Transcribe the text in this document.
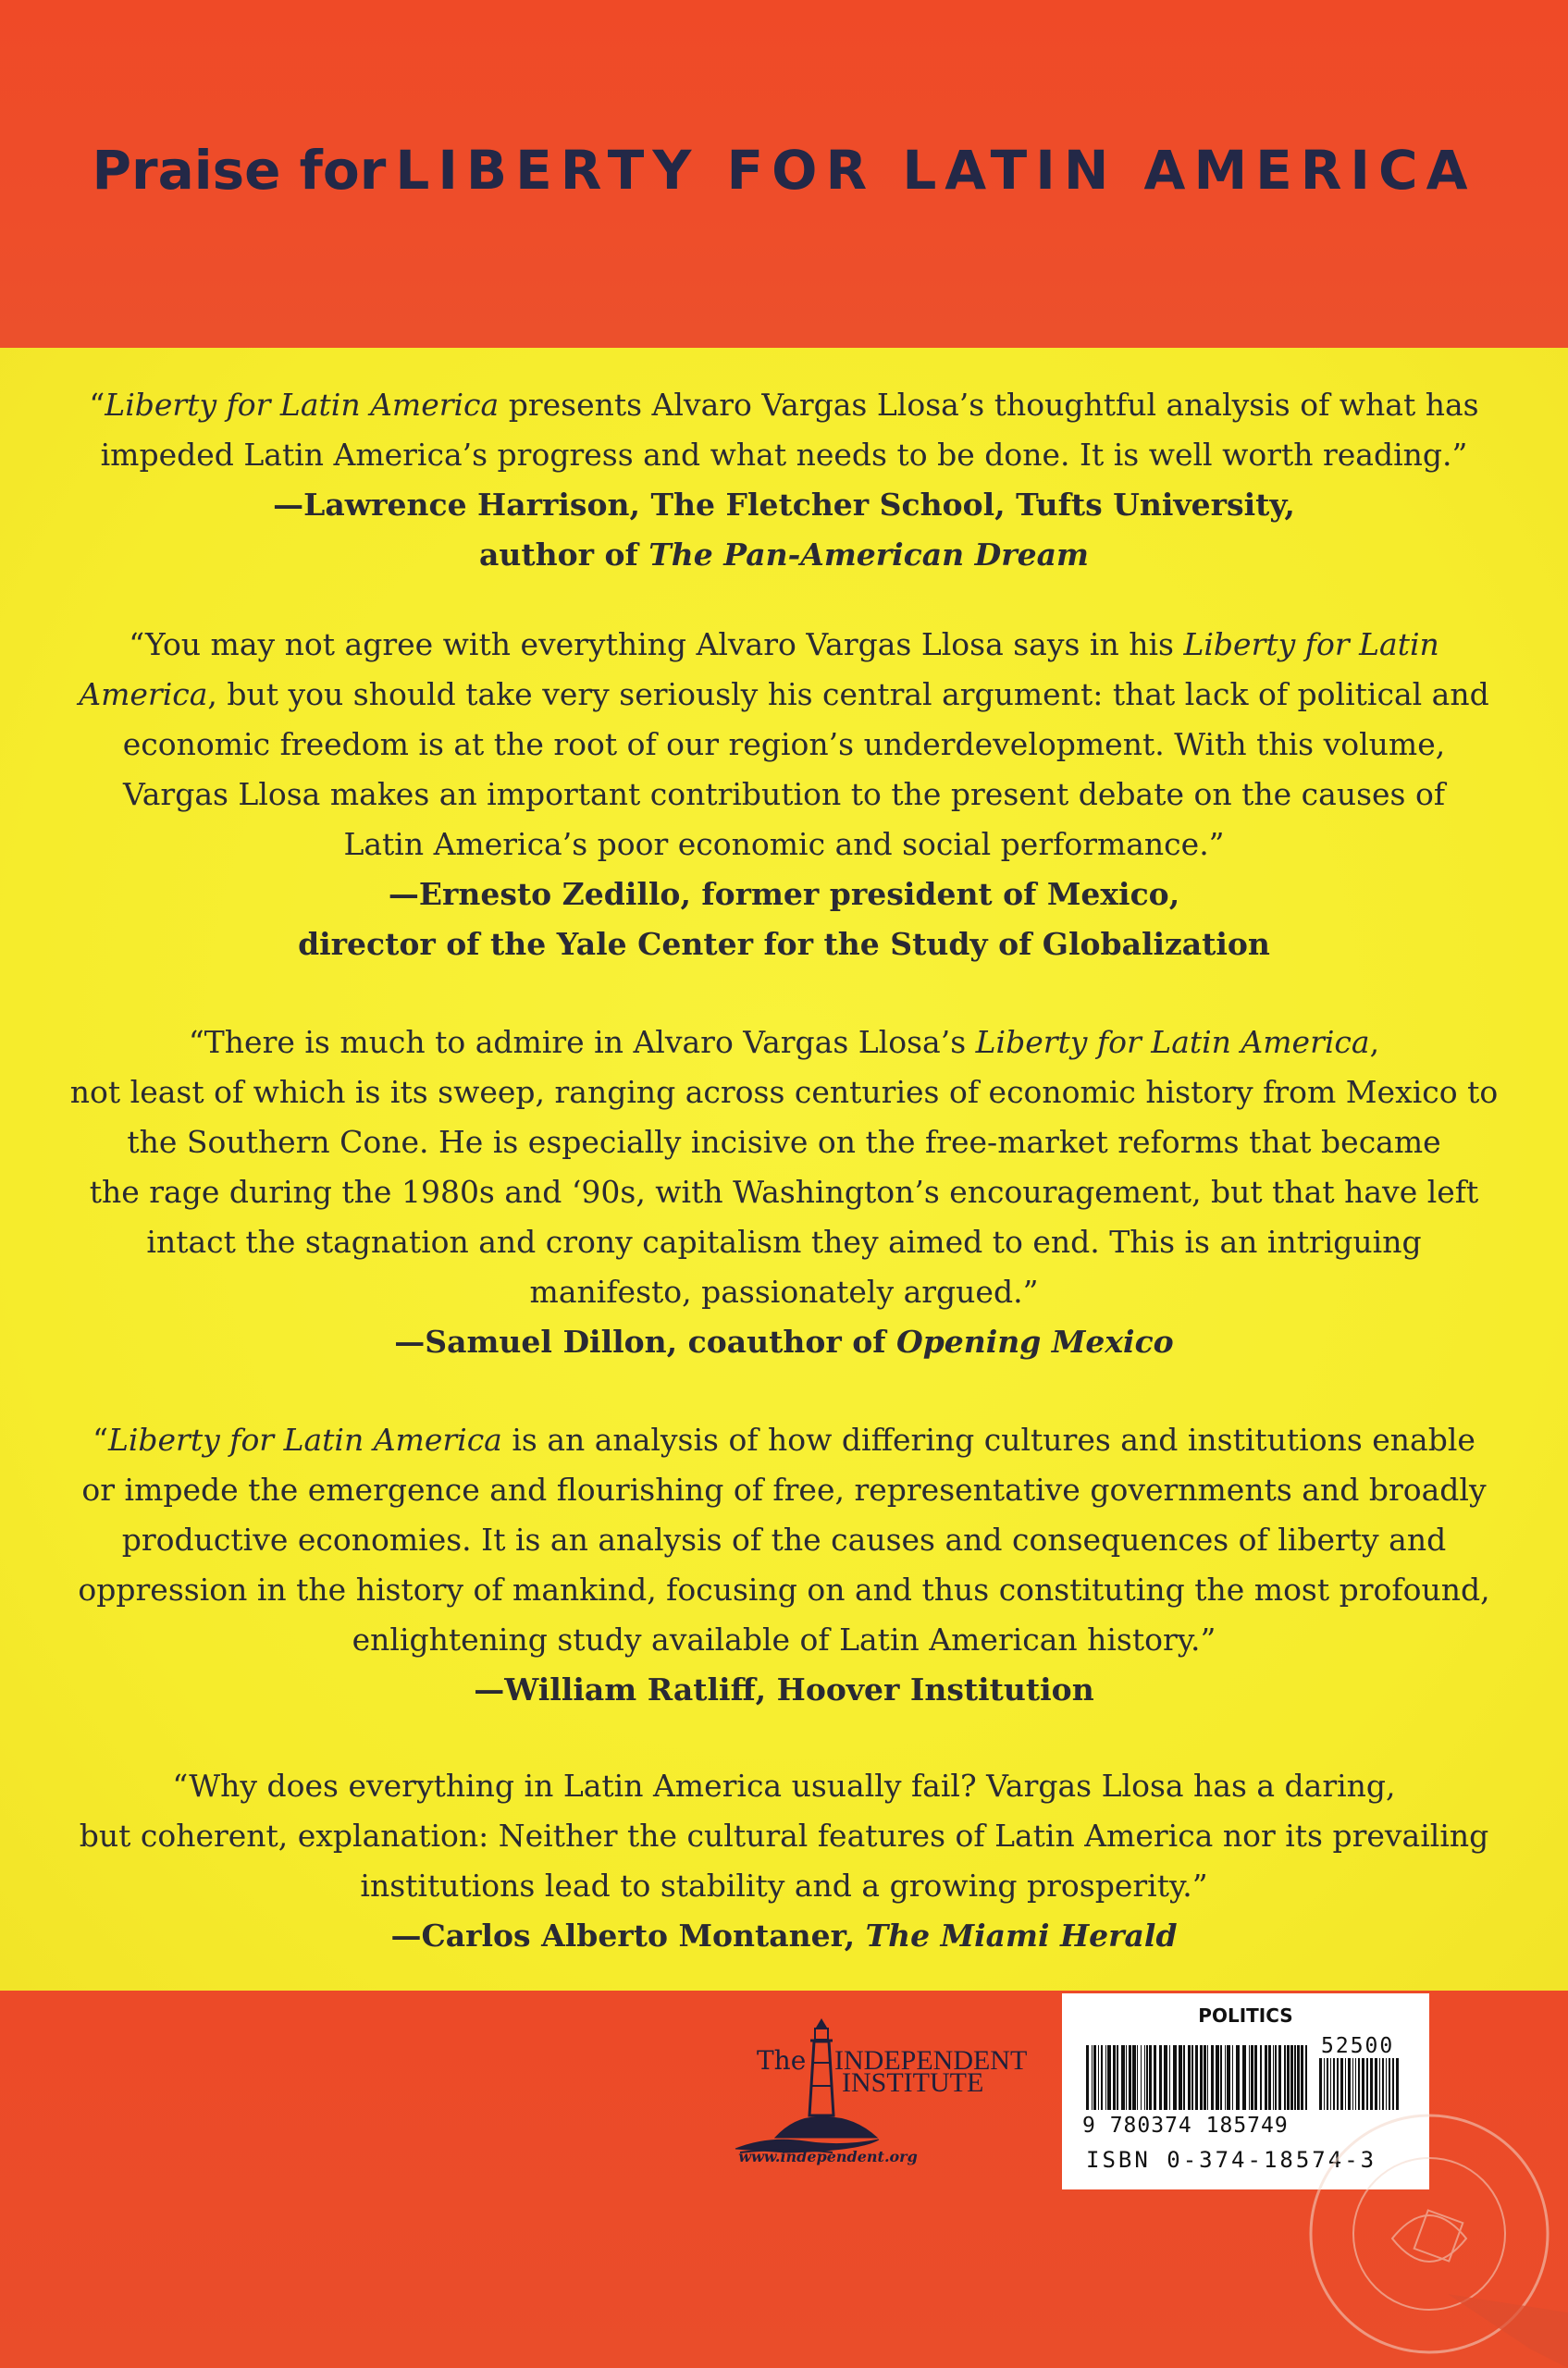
Praise for LIBERTY FOR LATIN AMERICA
“Liberty for Latin America presents Alvaro Vargas Llosa’s thoughtful analysis of what has
impeded Latin America’s progress and what needs to be done. It is well worth reading.”
—Lawrence Harrison, The Fletcher School, Tufts University,
author of The Pan-American Dream
“You may not agree with everything Alvaro Vargas Llosa says in his Liberty for Latin
America, but you should take very seriously his central argument: that lack of political and
economic freedom is at the root of our region’s underdevelopment. With this volume,
Vargas Llosa makes an important contribution to the present debate on the causes of
Latin America’s poor economic and social performance.”
—Ernesto Zedillo, former president of Mexico,
director of the Yale Center for the Study of Globalization
“There is much to admire in Alvaro Vargas Llosa’s Liberty for Latin America,
not least of which is its sweep, ranging across centuries of economic history from Mexico to
the Southern Cone. He is especially incisive on the free-market reforms that became
the rage during the 1980s and ‘90s, with Washington’s encouragement, but that have left
intact the stagnation and crony capitalism they aimed to end. This is an intriguing
manifesto, passionately argued.”
—Samuel Dillon, coauthor of Opening Mexico
“Liberty for Latin America is an analysis of how differing cultures and institutions enable
or impede the emergence and flourishing of free, representative governments and broadly
productive economies. It is an analysis of the causes and consequences of liberty and
oppression in the history of mankind, focusing on and thus constituting the most profound,
enlightening study available of Latin American history.”
—William Ratliff, Hoover Institution
“Why does everything in Latin America usually fail? Vargas Llosa has a daring,
but coherent, explanation: Neither the cultural features of Latin America nor its prevailing
institutions lead to stability and a growing prosperity.”
—Carlos Alberto Montaner, The Miami Herald
The INDEPENDENT
INSTITUTE
www.independent.org
POLITICS
52500
9 780374 185749
ISBN 0-374-18574-3
